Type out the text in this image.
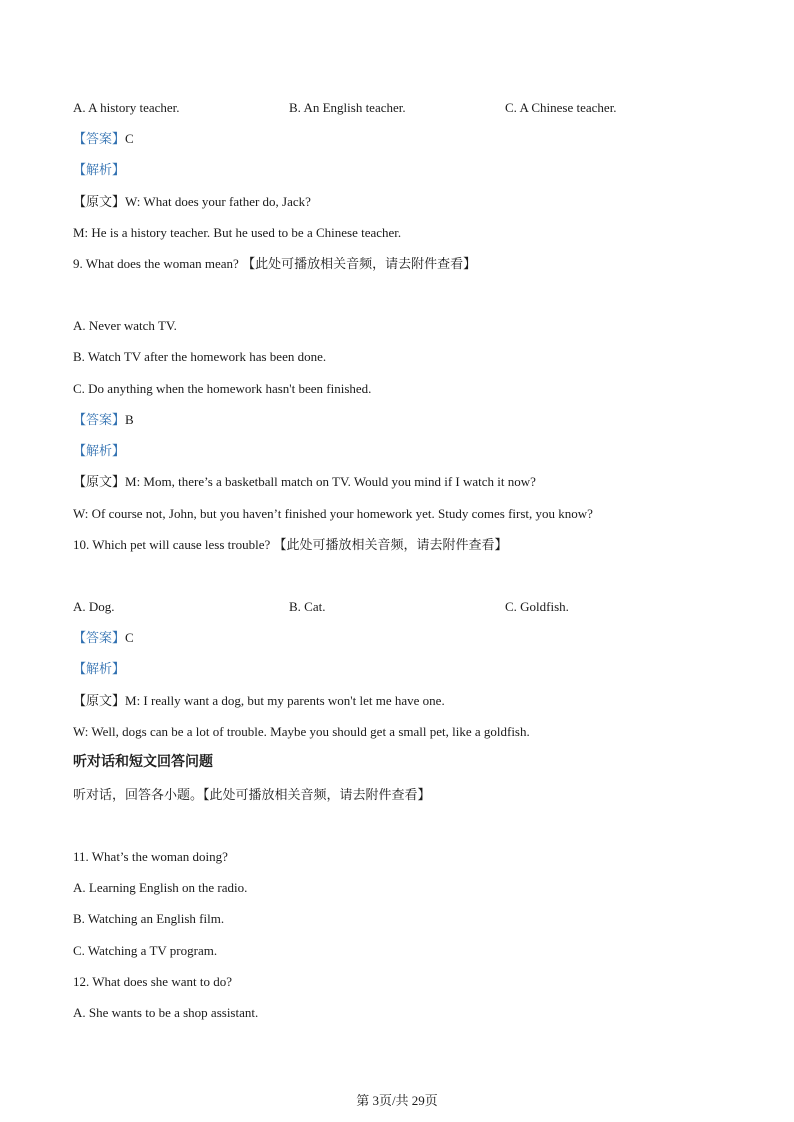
A. A history teacher.	B. An English teacher.	C. A Chinese teacher.
【答案】C
【解析】
【原文】W: What does your father do, Jack?
M: He is a history teacher. But he used to be a Chinese teacher.
9. What does the woman mean? 【此处可播放相关音频，请去附件查看】
A. Never watch TV.
B. Watch TV after the homework has been done.
C. Do anything when the homework hasn't been finished.
【答案】B
【解析】
【原文】M: Mom, there’s a basketball match on TV. Would you mind if I watch it now?
W: Of course not, John, but you haven’t finished your homework yet. Study comes first, you know?
10. Which pet will cause less trouble? 【此处可播放相关音频，请去附件查看】
A. Dog.	B. Cat.	C. Goldfish.
【答案】C
【解析】
【原文】M: I really want a dog, but my parents won't let me have one.
W: Well, dogs can be a lot of trouble. Maybe you should get a small pet, like a goldfish.
听对话和短文回答问题
听对话，回答各小题。【此处可播放相关音频，请去附件查看】
11. What’s the woman doing?
A. Learning English on the radio.
B. Watching an English film.
C. Watching a TV program.
12. What does she want to do?
A. She wants to be a shop assistant.
第 3页/共 29页
